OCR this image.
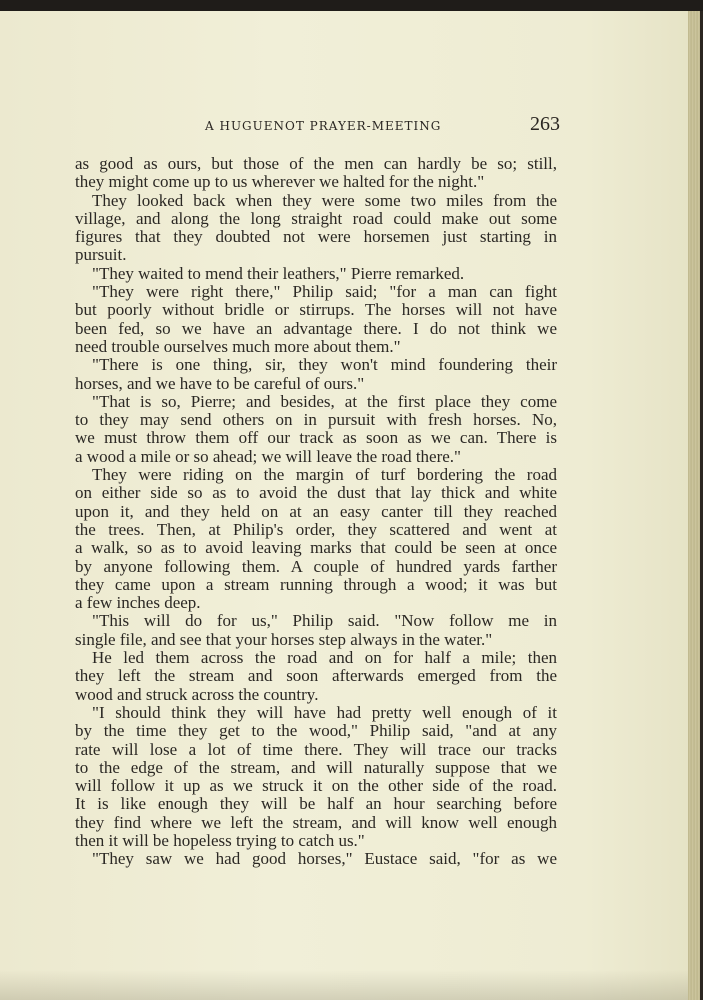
A HUGUENOT PRAYER-MEETING	263
as good as ours, but those of the men can hardly be so; still,
they might come up to us wherever we halted for the night."
They looked back when they were some two miles from the
village, and along the long straight road could make out some
figures that they doubted not were horsemen just starting in
pursuit.
"They waited to mend their leathers," Pierre remarked.
"They were right there," Philip said; "for a man can fight
but poorly without bridle or stirrups. The horses will not have
been fed, so we have an advantage there. I do not think we
need trouble ourselves much more about them."
"There is one thing, sir, they won't mind foundering their
horses, and we have to be careful of ours."
"That is so, Pierre; and besides, at the first place they come
to they may send others on in pursuit with fresh horses. No,
we must throw them off our track as soon as we can. There is
a wood a mile or so ahead; we will leave the road there."
They were riding on the margin of turf bordering the road
on either side so as to avoid the dust that lay thick and white
upon it, and they held on at an easy canter till they reached
the trees. Then, at Philip's order, they scattered and went at
a walk, so as to avoid leaving marks that could be seen at once
by anyone following them. A couple of hundred yards farther
they came upon a stream running through a wood; it was but
a few inches deep.
"This will do for us," Philip said. "Now follow me in
single file, and see that your horses step always in the water."
He led them across the road and on for half a mile; then
they left the stream and soon afterwards emerged from the
wood and struck across the country.
"I should think they will have had pretty well enough of it
by the time they get to the wood," Philip said, "and at any
rate will lose a lot of time there. They will trace our tracks
to the edge of the stream, and will naturally suppose that we
will follow it up as we struck it on the other side of the road.
It is like enough they will be half an hour searching before
they find where we left the stream, and will know well enough
then it will be hopeless trying to catch us."
"They saw we had good horses," Eustace said, "for as we
